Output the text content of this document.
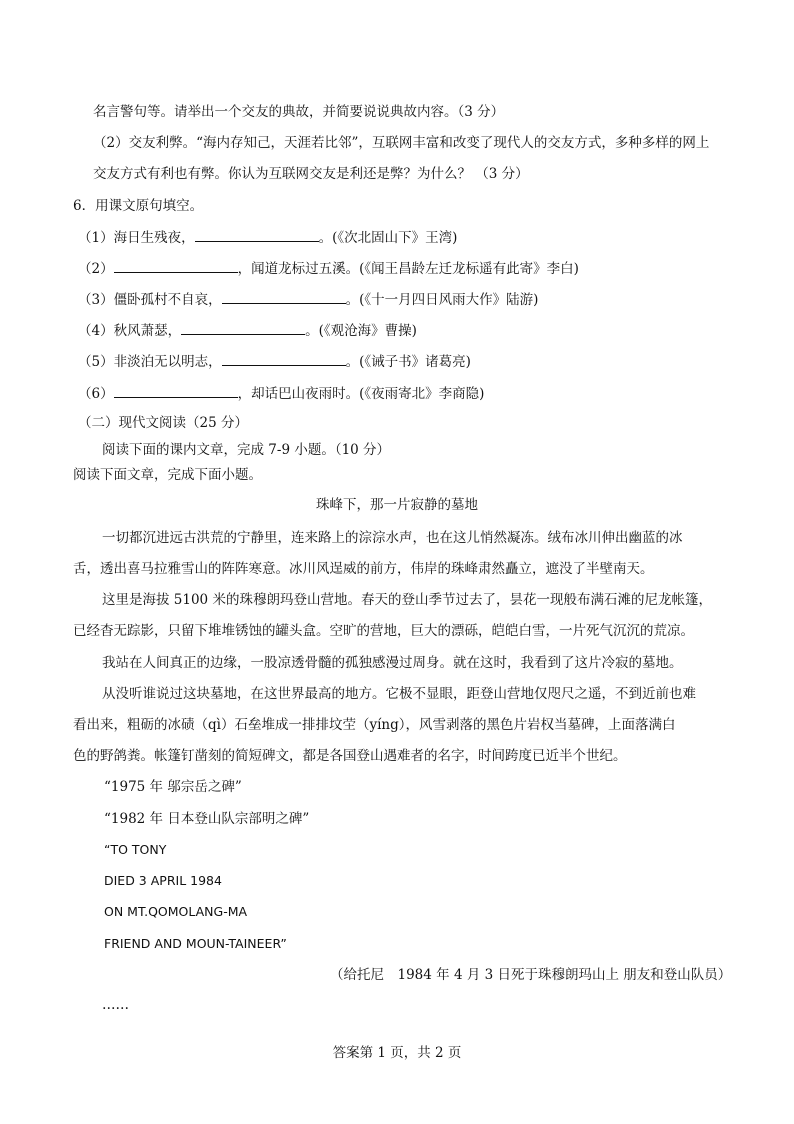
名言警句等。请举出一个交友的典故，并简要说说典故内容。（3 分）
（2）交友利弊。“海内存知己，天涯若比邻”，互联网丰富和改变了现代人的交友方式，多种多样的网上
交友方式有利也有弊。你认为互联网交友是利还是弊？为什么？ （3 分）
6．用课文原句填空。
（1）海日生残夜，	。(《次北固山下》王湾)
（2）	，闻道龙标过五溪。(《闻王昌龄左迁龙标遥有此寄》李白)
（3）僵卧孤村不自哀，	。(《十一月四日风雨大作》陆游)
（4）秋风萧瑟，	。(《观沧海》曹操)
（5）非淡泊无以明志，	。(《诫子书》诸葛亮)
（6）	，却话巴山夜雨时。(《夜雨寄北》李商隐)
（二）现代文阅读（25 分）
阅读下面的课内文章，完成 7-9 小题。（10 分）
阅读下面文章，完成下面小题。
珠峰下，那一片寂静的墓地
一切都沉进远古洪荒的宁静里，连来路上的淙淙水声，也在这儿悄然凝冻。绒布冰川伸出幽蓝的冰
舌，透出喜马拉雅雪山的阵阵寒意。冰川风逞威的前方，伟岸的珠峰肃然矗立，遮没了半壁南天。
这里是海拔 5100 米的珠穆朗玛登山营地。春天的登山季节过去了，昙花一现般布满石滩的尼龙帐篷，
已经杳无踪影，只留下堆堆锈蚀的罐头盒。空旷的营地，巨大的漂砾，皑皑白雪，一片死气沉沉的荒凉。
我站在人间真正的边缘，一股凉透骨髓的孤独感漫过周身。就在这时，我看到了这片冷寂的墓地。
从没听谁说过这块墓地，在这世界最高的地方。它极不显眼，距登山营地仅咫尺之遥，不到近前也难
看出来，粗砺的冰碛（qì）石垒堆成一排排坟茔（yíng），风雪剥落的黑色片岩权当墓碑，上面落满白
色的野鸽粪。帐篷钉凿刻的简短碑文，都是各国登山遇难者的名字，时间跨度已近半个世纪。
“1975 年 邬宗岳之碑”
“1982 年 日本登山队宗部明之碑”
“TO TONY
DIED 3 APRIL 1984
ON MT.QOMOLANG-MA
FRIEND AND MOUN-TAINEER”
（给托尼　1984 年 4 月 3 日死于珠穆朗玛山上 朋友和登山队员）
……
答案第 1 页，共 2 页
